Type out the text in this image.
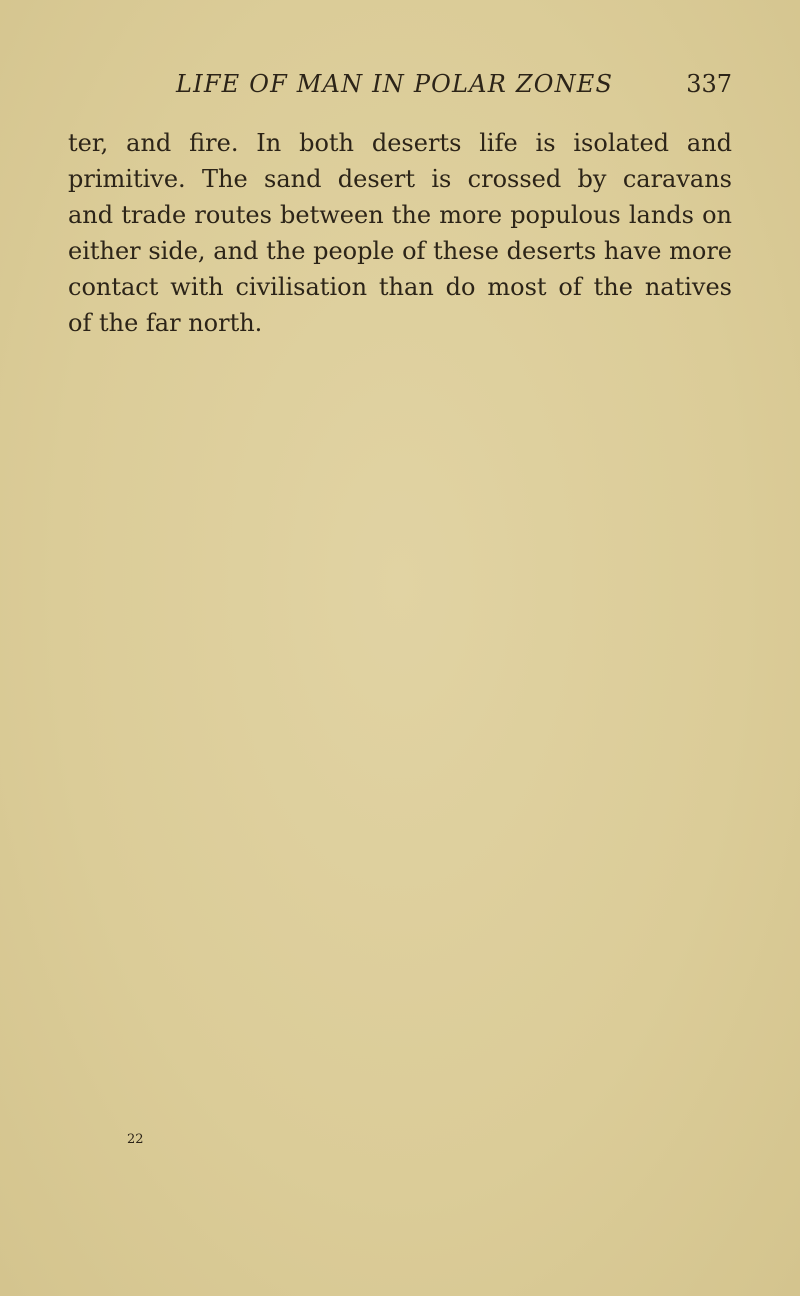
LIFE OF MAN IN POLAR ZONES	337
ter, and fire. In both deserts life is isolated and
primitive. The sand desert is crossed by caravans
and trade routes between the more populous lands on
either side, and the people of these deserts have more
contact with civilisation than do most of the natives
of the far north.
22
